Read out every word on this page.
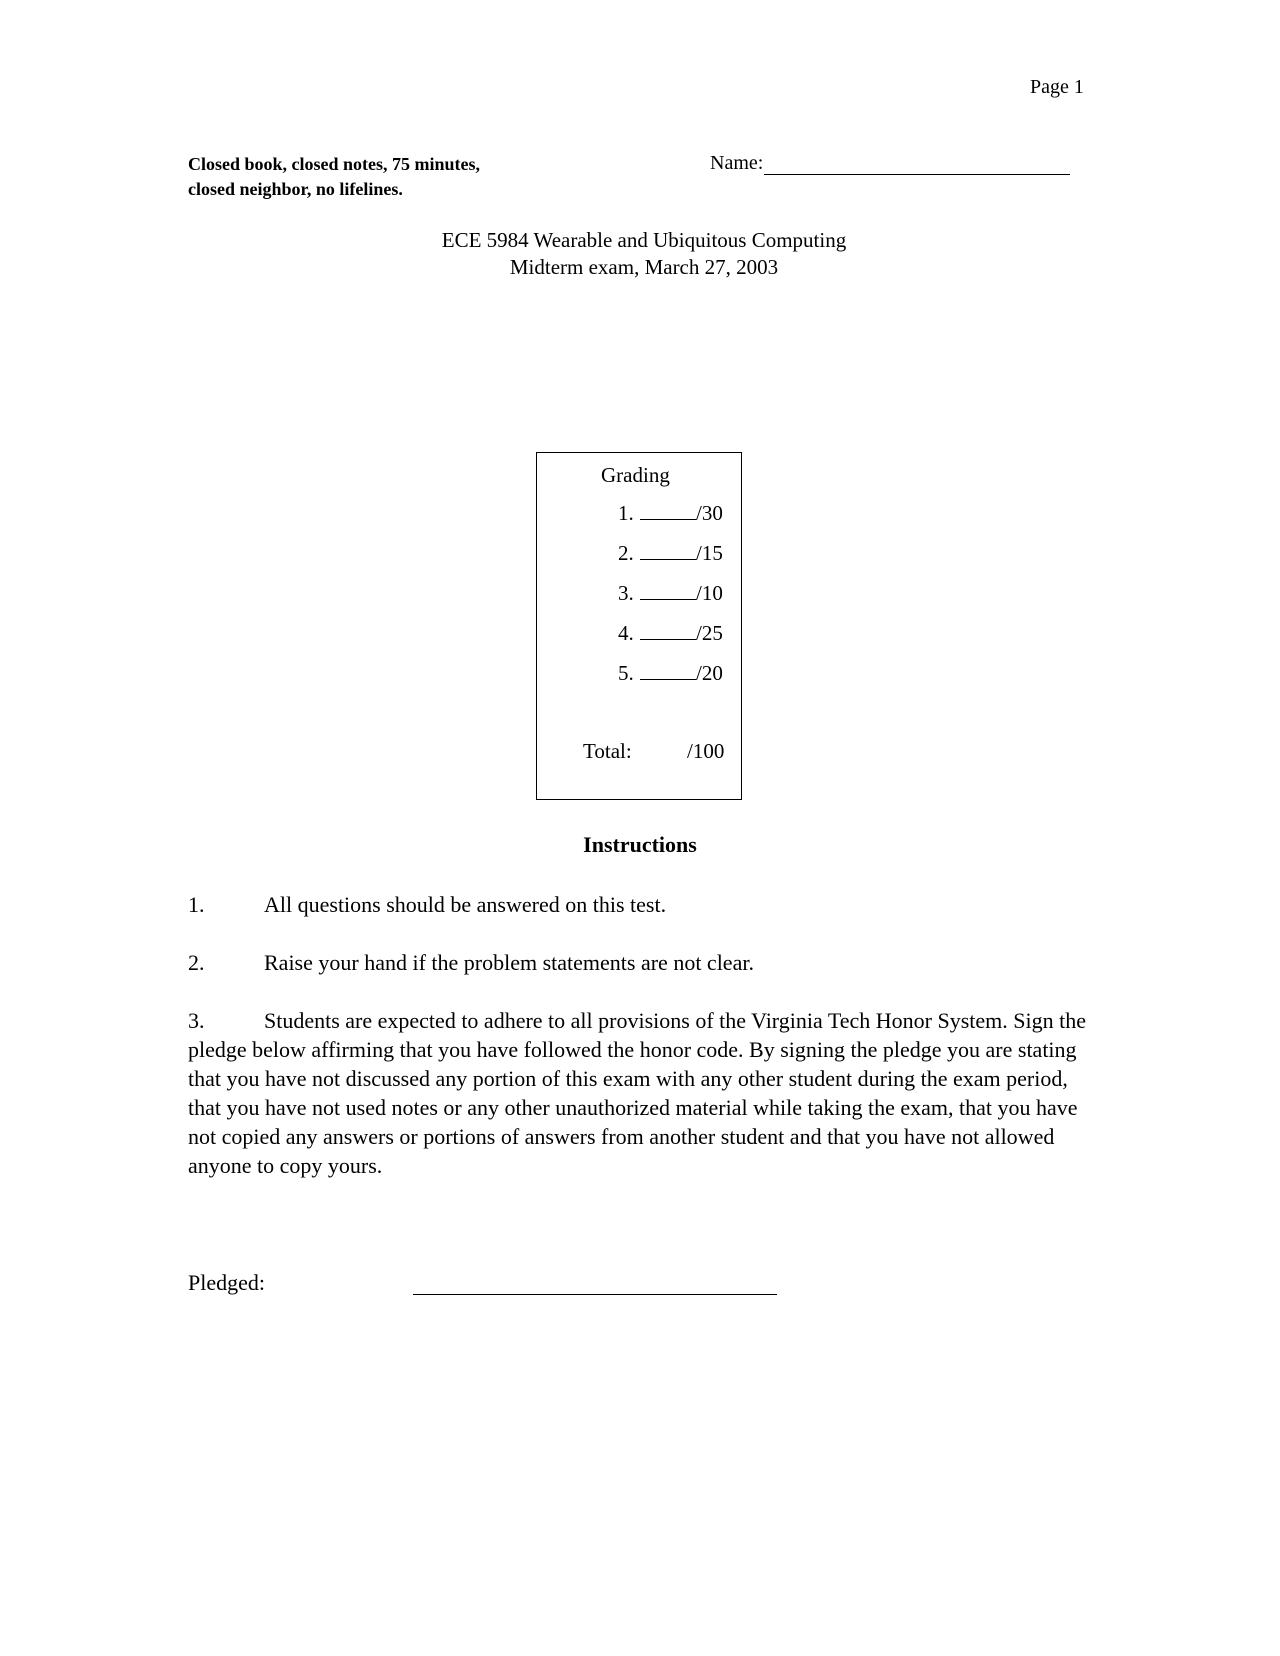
Page 1
Closed book, closed notes, 75 minutes,
closed neighbor, no lifelines.
Name:
ECE 5984 Wearable and Ubiquitous Computing
Midterm exam, March 27, 2003
Grading
1.	/30
2.	/15
3.	/10
4.	/25
5.	/20
Total:	/100
Instructions
1.	All questions should be answered on this test.
2.	Raise your hand if the problem statements are not clear.
3.	Students are expected to adhere to all provisions of the Virginia Tech Honor System. Sign the pledge below affirming that you have followed the honor code. By signing the pledge you are stating that you have not discussed any portion of this exam with any other student during the exam period, that you have not used notes or any other unauthorized material while taking the exam, that you have not copied any answers or portions of answers from another student and that you have not allowed anyone to copy yours.
Pledged:
